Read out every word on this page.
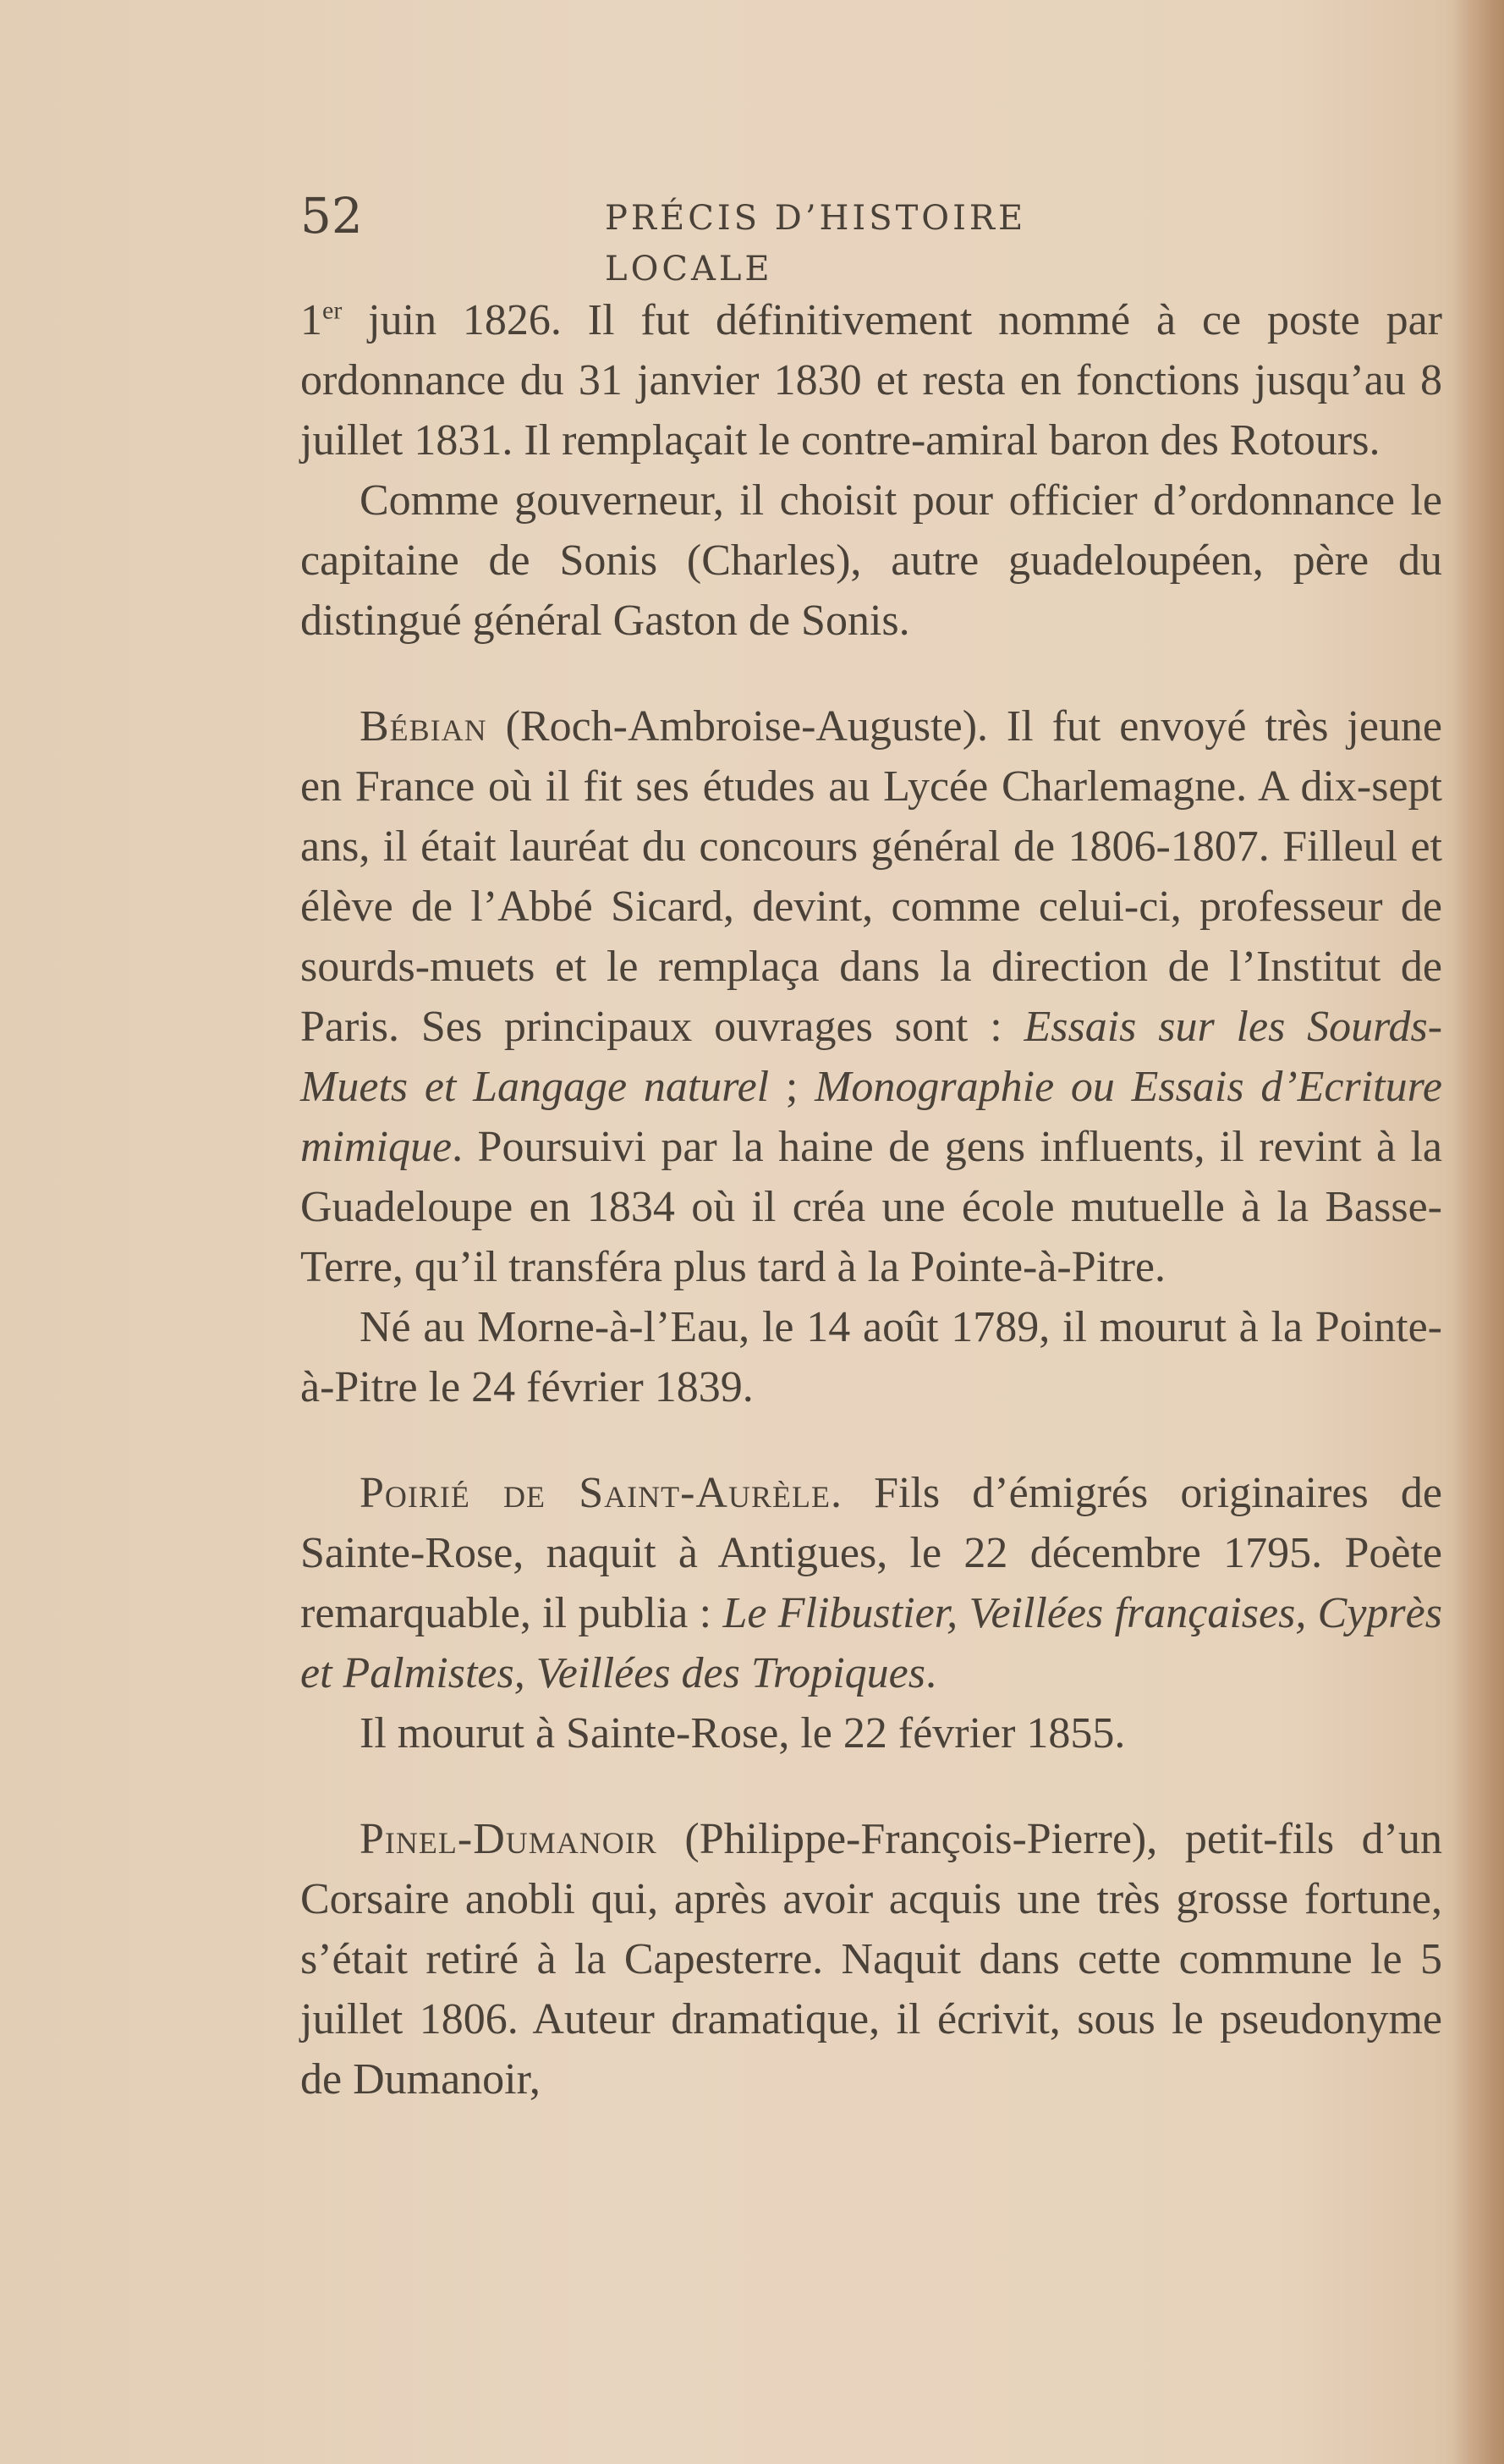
52	PRÉCIS D’HISTOIRE LOCALE

1er juin 1826. Il fut définitivement nommé à ce poste par ordonnance du 31 janvier 1830 et resta en fonctions jusqu’au 8 juillet 1831. Il remplaçait le contre-amiral baron des Rotours.

Comme gouverneur, il choisit pour officier d’ordonnance le capitaine de Sonis (Charles), autre guadeloupéen, père du distingué général Gaston de Sonis.

Bébian (Roch-Ambroise-Auguste). Il fut envoyé très jeune en France où il fit ses études au Lycée Charlemagne. A dix-sept ans, il était lauréat du concours général de 1806-1807. Filleul et élève de l’Abbé Sicard, devint, comme celui-ci, professeur de sourds-muets et le remplaça dans la direction de l’Institut de Paris. Ses principaux ouvrages sont : Essais sur les Sourds-Muets et Langage naturel ; Monographie ou Essais d’Ecriture mimique. Poursuivi par la haine de gens influents, il revint à la Guadeloupe en 1834 où il créa une école mutuelle à la Basse-Terre, qu’il transféra plus tard à la Pointe-à-Pitre.

Né au Morne-à-l’Eau, le 14 août 1789, il mourut à la Pointe-à-Pitre le 24 février 1839.

Poirié de Saint-Aurèle. Fils d’émigrés originaires de Sainte-Rose, naquit à Antigues, le 22 décembre 1795. Poète remarquable, il publia : Le Flibustier, Veillées françaises, Cyprès et Palmistes, Veillées des Tropiques.

Il mourut à Sainte-Rose, le 22 février 1855.

Pinel-Dumanoir (Philippe-François-Pierre), petit-fils d’un Corsaire anobli qui, après avoir acquis une très grosse fortune, s’était retiré à la Capesterre. Naquit dans cette commune le 5 juillet 1806. Auteur dramatique, il écrivit, sous le pseudonyme de Dumanoir,
